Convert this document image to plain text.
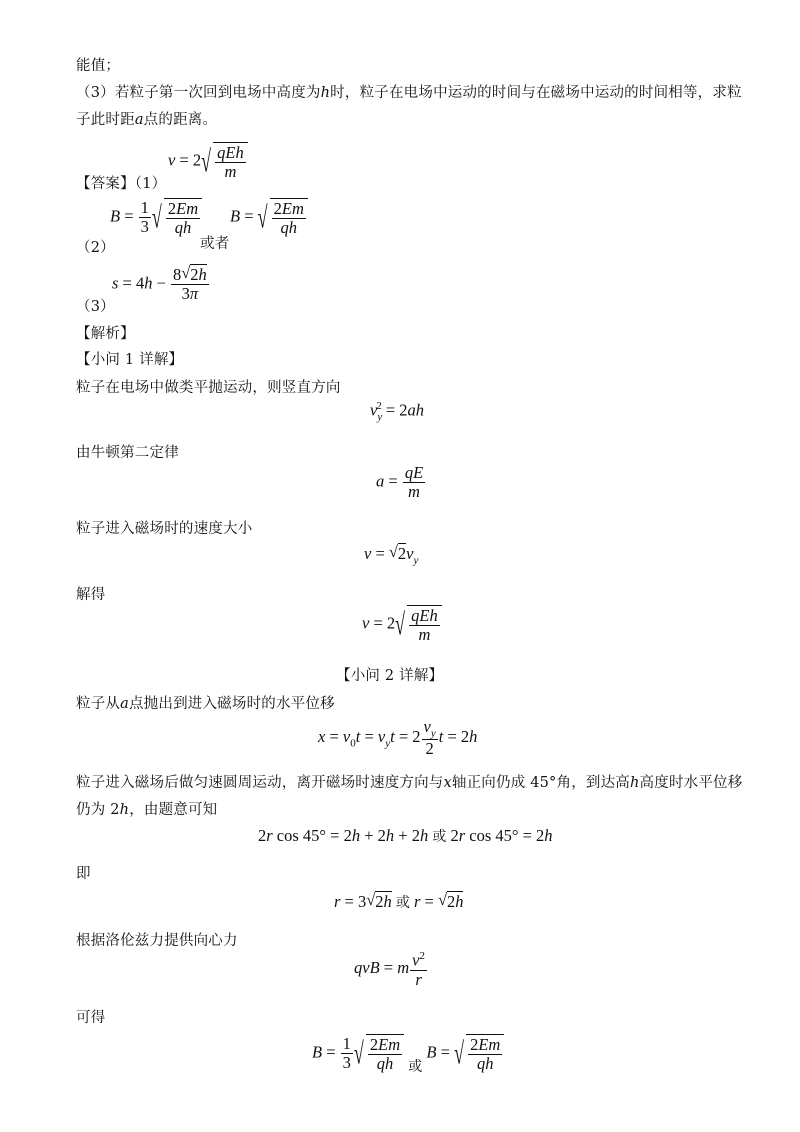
能值；
（3）若粒子第一次回到电场中高度为h时，粒子在电场中运动的时间与在磁场中运动的时间相等，求粒
子此时距a点的距离。
【答案】（1）
v = 2 √ $\frac{\text{qEh}}{m}$
（2）
$B = \frac{1}{3}$ √ $\frac{2Em}{qh}$
或者
B = √ $\frac{2Em}{qh}$
（3）
$s = 4h - \frac{8 √ 2h}{3\pi}$
【解析】
【小问 1 详解】
粒子在电场中做类平抛运动，则竖直方向
$v_y^2 = 2ah$
由牛顿第二定律
$a = \frac{qE}{m}$
粒子进入磁场时的速度大小
v = √ $2v_y$
解得
v = 2 √ $\frac{\text{qEh}}{m}$
【小问 2 详解】
粒子从a点抛出到进入磁场时的水平位移
$x = v_0t = v_yt = 2 \frac{v_y}{2}$ t = 2h
粒子进入磁场后做匀速圆周运动，离开磁场时速度方向与x轴正向仍成 45°角，到达高h高度时水平位移
仍为 2h，由题意可知
2r cos 45° = 2h + 2h + 2h 或 2r cos 45° = 2h
即
r = 3 √ 2h 或 r = √ 2h
根据洛伦兹力提供向心力
qvB = m $\frac{v^2}{r}$
可得
$B = \frac{1}{3}$ √ $\frac{2Em}{qh} _或$ B = √ $\frac{2Em}{qh}$
